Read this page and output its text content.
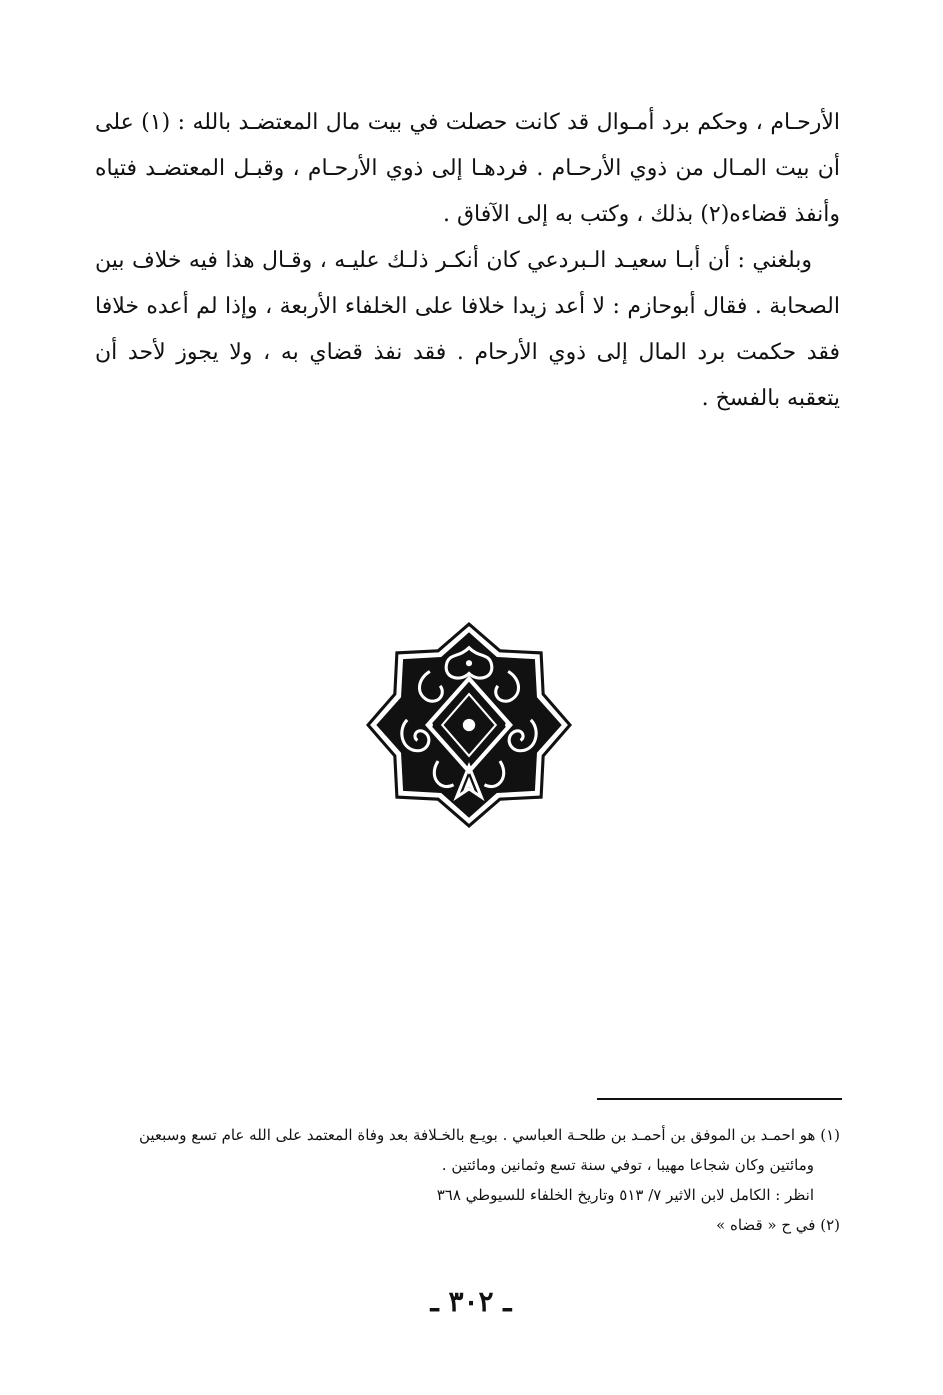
الأرحـام ، وحكم برد أمـوال قد كانت حصلت في بيت مال المعتضـد بالله : (١) على أن بيت المـال من ذوي الأرحـام . فردهـا إلى ذوي الأرحـام ، وقبـل المعتضـد فتياه وأنفذ قضاءه(٢) بذلك ، وكتب به إلى الآفاق .

وبلغني : أن أبـا سعيـد الـبردعي كان أنكـر ذلـك عليـه ، وقـال هذا فيه خلاف بين الصحابة . فقال أبوحازم : لا أعد زيدا خلافا على الخلفاء الأربعة ، وإذا لم أعده خلافا فقد حكمت برد المال إلى ذوي الأرحام . فقد نفذ قضاي به ، ولا يجوز لأحد أن يتعقبه بالفسخ .

(١) هو احمـد بن الموفق بن أحمـد بن طلحـة العباسي . بويـع بالخـلافة بعد وفاة المعتمد على الله عام تسع وسبعين

ومائتين وكان شجاعا مهيبا ، توفي سنة تسع وثمانين ومائتين .

انظر : الكامل لابن الاثير ٧/ ٥١٣ وتاريخ الخلفاء للسيوطي ٣٦٨

(٢) في ح « قضاه »

ـ ٣٠٢ ـ
